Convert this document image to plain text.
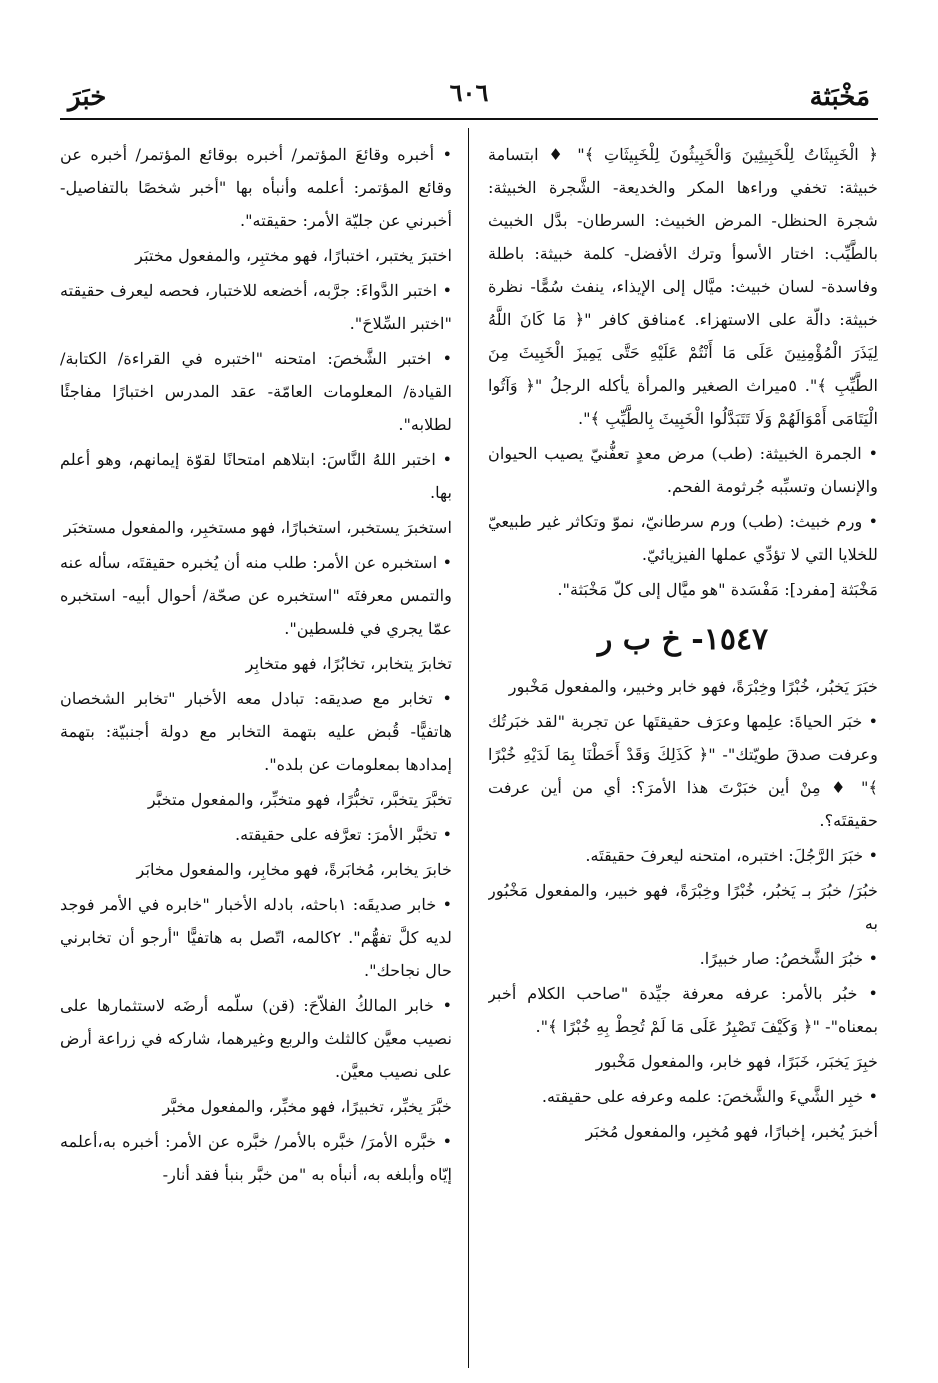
مَخْبَثة
٦٠٦
خبَرَ

﴿ الْخَبِيثَاتُ لِلْخَبِيثِينَ وَالْخَبِيثُونَ لِلْخَبِيثَاتِ ﴾" ♦ ابتسامة خبيثة: تخفي وراءها المكر والخديعة- الشَّجرة الخبيثة: شجرة الحنظل- المرض الخبيث: السرطان- بدَّل الخبيث بالطَّيِّب: اختار الأسوأ وترك الأفضل- كلمة خبيثة: باطلة وفاسدة- لسان خبيث: ميَّال إلى الإيذاء، ينفث سُمًّا- نظرة خبيثة: دالّة على الاستهزاء. ٤منافق كافر "﴿ مَا كَانَ اللَّهُ لِيَذَرَ الْمُؤْمِنِينَ عَلَى مَا أَنْتُمْ عَلَيْهِ حَتَّى يَمِيزَ الْخَبِيثَ مِنَ الطَّيِّبِ ﴾". ٥ميراث الصغير والمرأة يأكله الرجلُ "﴿ وَآتُوا الْيَتَامَى أَمْوَالَهُمْ وَلَا تَتَبَدَّلُوا الْخَبِيثَ بِالطَّيِّبِ ﴾".

• الجمرة الخبيثة: (طب) مرض معدٍ تعفُّنيّ يصيب الحيوان والإنسان وتسبِّبه جُرثومة الفحم.

• ورم خبيث: (طب) ورم سرطانيّ، نموّ وتكاثر غير طبيعيّ للخلايا التي لا تؤدِّي عملها الفيزيائيّ.

مَخْبَثة [مفرد]: مَفْسَدة "هو ميَّال إلى كلّ مَخْبَثة".

١٥٤٧- خ ب ر

خبَرَ يَخبُر، خُبْرًا وخِبْرَةً، فهو خابر وخبير، والمفعول مَخْبور

• خبَر الحياةَ: علِمها وعرَف حقيقتَها عن تجربة "لقد خبَرتُك وعرفت صدقَ طويّتك"- "﴿ كَذَلِكَ وَقَدْ أَحَطْنَا بِمَا لَدَيْهِ خُبْرًا ﴾" ♦ مِنْ أين خبَرْتَ هذا الأمرَ؟: أي من أين عرفت حقيقتَه؟.

• خبَرَ الرَّجُلَ: اختبره، امتحنه ليعرفَ حقيقتَه.

خبُرَ/ خبُرَ بـ يَخبُر، خُبْرًا وخِبْرَةً، فهو خبير، والمفعول مَخْبُور به

• خبُرَ الشَّخصُ: صار خبيرًا.

• خبُر بالأمر: عرفه معرفة جيِّدة "صاحب الكلام أخبر بمعناه"- "﴿ وَكَيْفَ تَصْبِرُ عَلَى مَا لَمْ تُحِطْ بِهِ خُبْرًا ﴾".

خبِرَ يَخبَر، خَبَرًا، فهو خابر، والمفعول مَخْبور

• خبِر الشَّيءَ والشَّخصَ: علمه وعرفه على حقيقته.

أخبرَ يُخبر، إخبارًا، فهو مُخبِر، والمفعول مُخبَر

• أخبره وقائعَ المؤتمر/ أخبره بوقائع المؤتمر/ أخبره عن وقائع المؤتمر: أعلمه وأنبأه بها "أخبر شخصًا بالتفاصيل- أخبرني عن جليّة الأمر: حقيقته".

اختبرَ يختبر، اختبارًا، فهو مختبِر، والمفعول مختبَر

• اختبر الدَّواءَ: جرَّبه، أخضعه للاختبار، فحصه ليعرف حقيقته "اختبر السِّلاحَ".

• اختبر الشَّخصَ: امتحنه "اختبره في القراءة/ الكتابة/ القيادة/ المعلومات العامّة- عقد المدرس اختبارًا مفاجئًا لطلابه".

• اختبر اللهُ النَّاسَ: ابتلاهم امتحانًا لقوّة إيمانهم، وهو أعلم بها.

استخبرَ يستخبر، استخبارًا، فهو مستخبِر، والمفعول مستخبَر

• استخبره عن الأمر: طلب منه أن يُخبره حقيقتَه، سأله عنه والتمس معرفتَه "استخبره عن صحّة/ أحوال أبيه- استخبره عمّا يجري في فلسطين".

تخابرَ يتخابر، تخابُرًا، فهو متخابِر

• تخابر مع صديقه: تبادل معه الأخبار "تخابر الشخصان هاتفيًّا- قُبض عليه بتهمة التخابر مع دولة أجنبيّة: بتهمة إمدادها بمعلومات عن بلده".

تخبَّرَ يتخبَّر، تخبُّرًا، فهو متخبِّر، والمفعول متخبَّر

• تخبَّر الأمرَ: تعرَّفه على حقيقته.

خابرَ يخابر، مُخابَرةً، فهو مخابِر، والمفعول مخابَر

• خابر صديقَه: ١باحثه، بادله الأخبار "خابره في الأمر فوجد لديه كلَّ تفهُّم". ٢كالمه، اتّصل به هاتفيًّا "أرجو أن تخابرني حال نجاحك".

• خابر المالكُ الفلاّحَ: (قن) سلّمه أرضَه لاستثمارها على نصيب معيَّن كالثلث والربع وغيرهما، شاركه في زراعة أرض على نصيب معيَّن.

خبَّرَ يخبِّر، تخبيرًا، فهو مخبِّر، والمفعول مخبَّر

• خبَّره الأمرَ/ خبَّره بالأمر/ خبَّره عن الأمر: أخبره به،أعلمه إيّاه وأبلغه به، أنبأه به "من خبَّر بنبأ فقد أنار-
